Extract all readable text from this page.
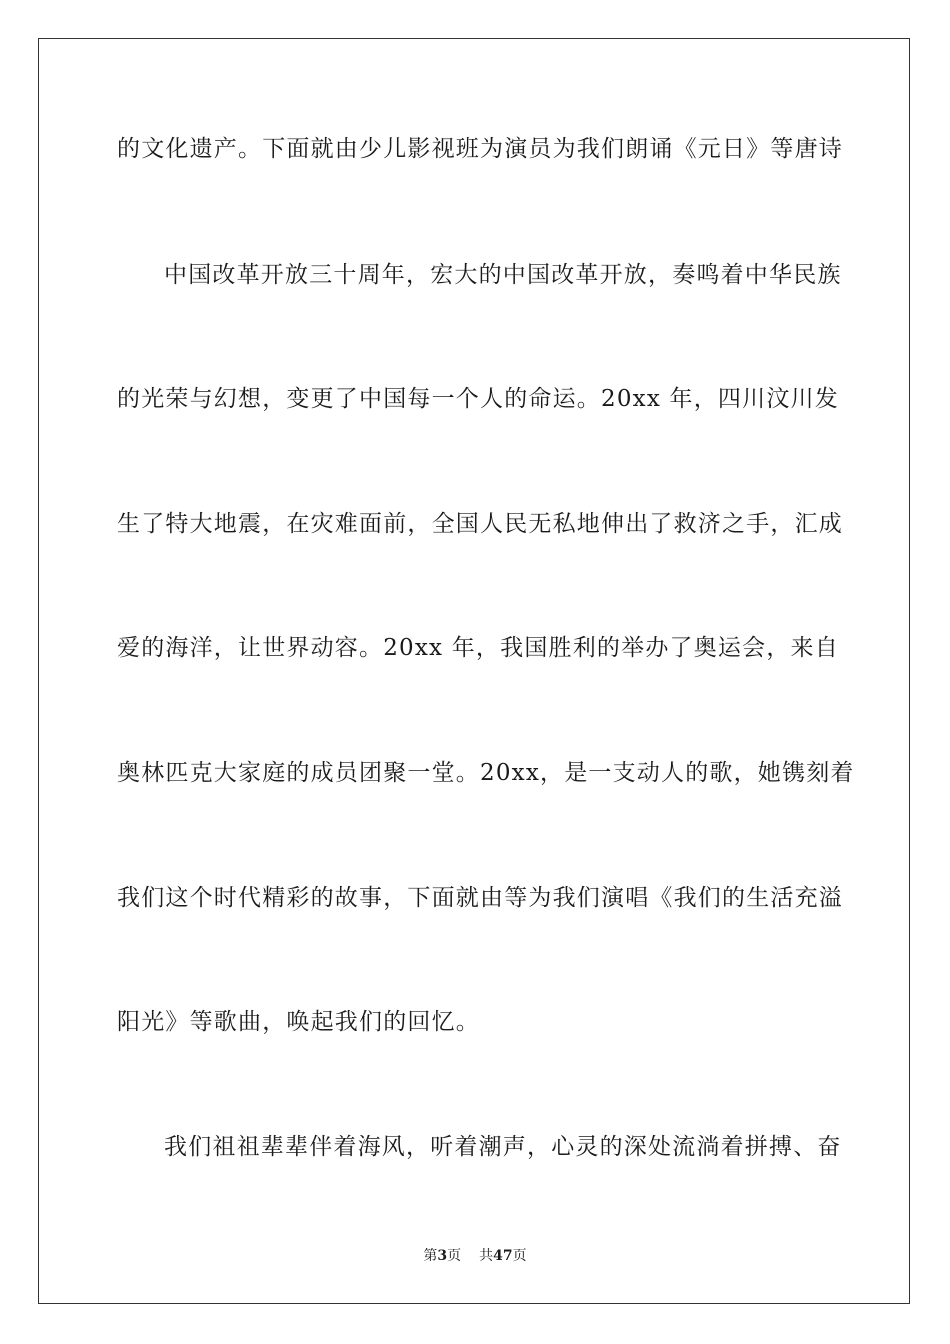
的文化遗产。下面就由少儿影视班为演员为我们朗诵《元日》等唐诗
中国改革开放三十周年，宏大的中国改革开放，奏鸣着中华民族
的光荣与幻想，变更了中国每一个人的命运。20xx 年，四川汶川发
生了特大地震，在灾难面前，全国人民无私地伸出了救济之手，汇成
爱的海洋，让世界动容。20xx 年，我国胜利的举办了奥运会，来自
奥林匹克大家庭的成员团聚一堂。20xx，是一支动人的歌，她镌刻着
我们这个时代精彩的故事，下面就由等为我们演唱《我们的生活充溢
阳光》等歌曲，唤起我们的回忆。
我们祖祖辈辈伴着海风，听着潮声，心灵的深处流淌着拼搏、奋
第3页 共47页
